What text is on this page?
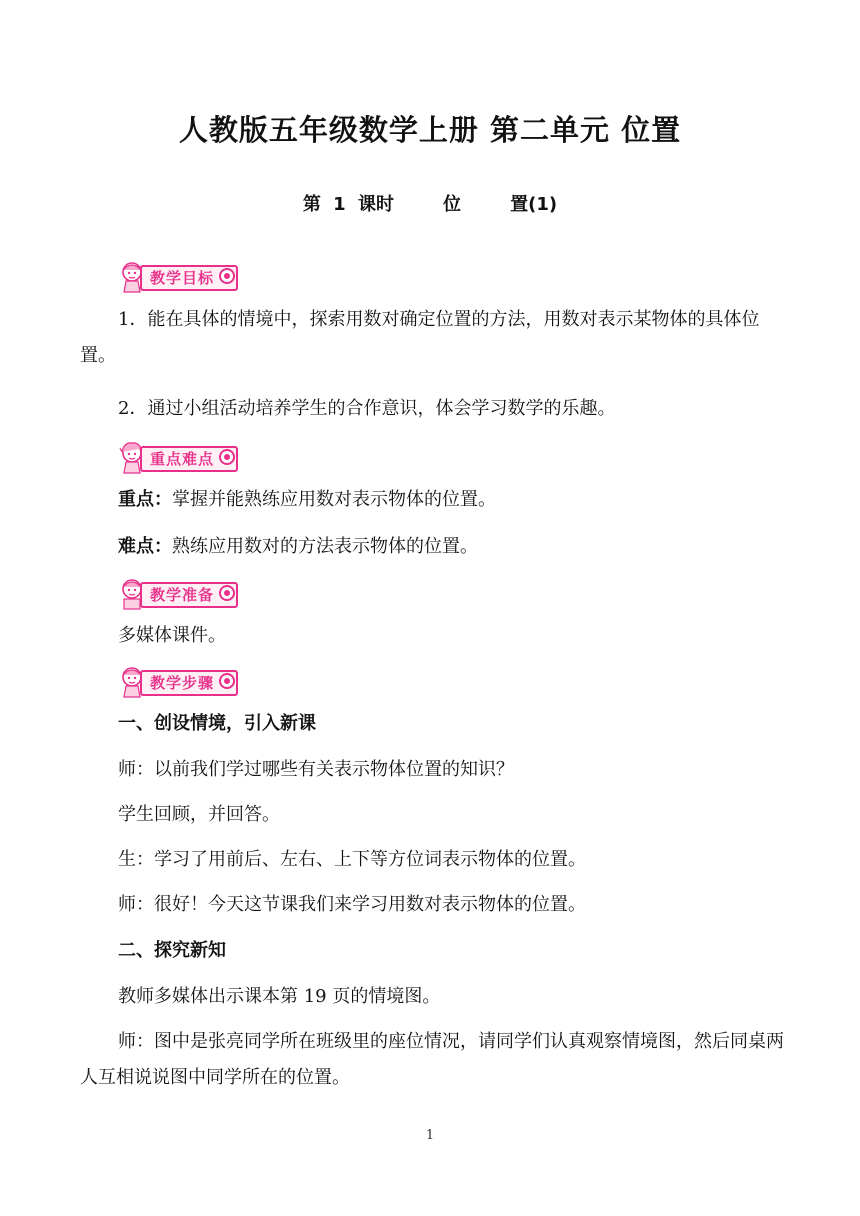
人教版五年级数学上册 第二单元 位置
第 1 课时    位    置(1)
教学目标
1．能在具体的情境中，探索用数对确定位置的方法，用数对表示某物体的具体位置。
2．通过小组活动培养学生的合作意识，体会学习数学的乐趣。
重点难点
重点：掌握并能熟练应用数对表示物体的位置。
难点：熟练应用数对的方法表示物体的位置。
教学准备
多媒体课件。
教学步骤
一、创设情境，引入新课
师：以前我们学过哪些有关表示物体位置的知识？
学生回顾，并回答。
生：学习了用前后、左右、上下等方位词表示物体的位置。
师：很好！今天这节课我们来学习用数对表示物体的位置。
二、探究新知
教师多媒体出示课本第 19 页的情境图。
师：图中是张亮同学所在班级里的座位情况，请同学们认真观察情境图，然后同桌两人互相说说图中同学所在的位置。
1
